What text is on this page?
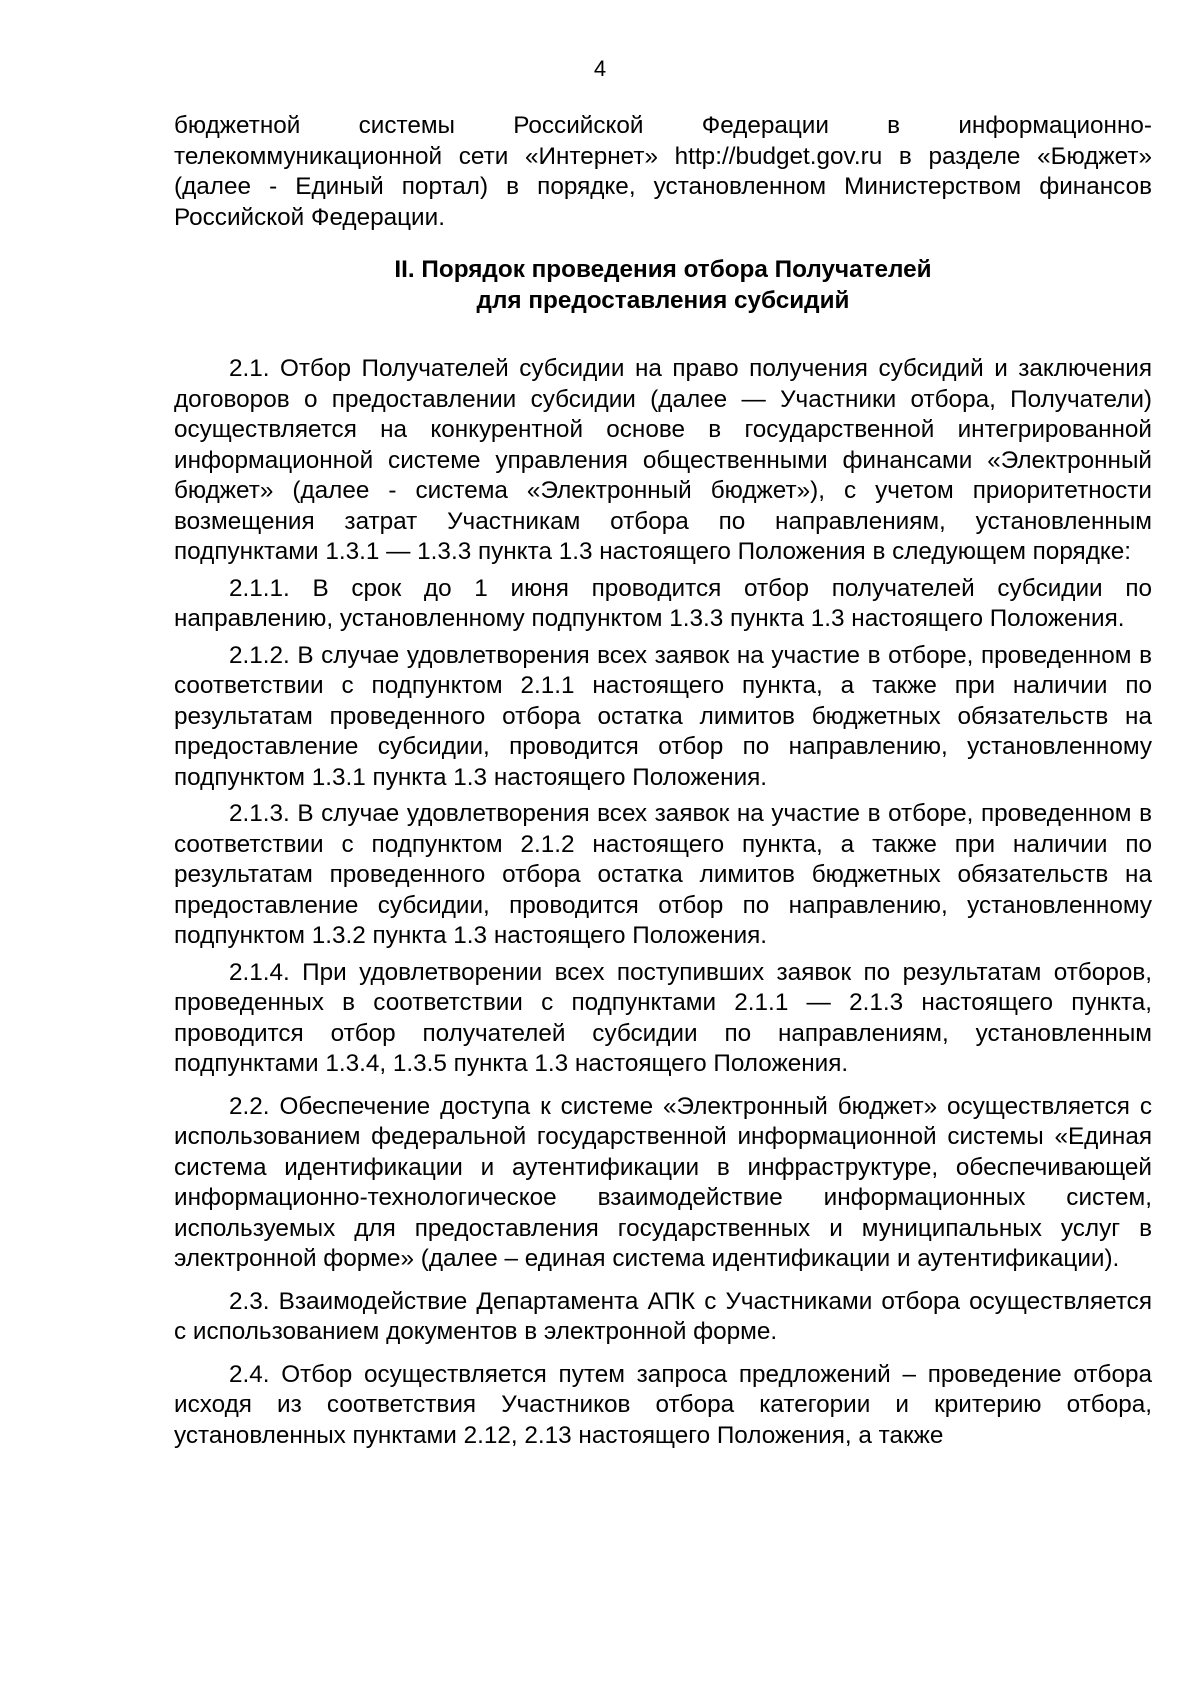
4

бюджетной системы Российской Федерации в информационно-телекоммуникационной сети «Интернет» http://budget.gov.ru в разделе «Бюджет» (далее - Единый портал) в порядке, установленном Министерством финансов Российской Федерации.

II. Порядок проведения отбора Получателей
для предоставления субсидий

2.1. Отбор Получателей субсидии на право получения субсидий и заключения договоров о предоставлении субсидии (далее — Участники отбора, Получатели) осуществляется на конкурентной основе в государственной интегрированной информационной системе управления общественными финансами «Электронный бюджет» (далее - система «Электронный бюджет»), с учетом приоритетности возмещения затрат Участникам отбора по направлениям, установленным подпунктами 1.3.1 — 1.3.3 пункта 1.3 настоящего Положения в следующем порядке:

2.1.1. В срок до 1 июня проводится отбор получателей субсидии по направлению, установленному подпунктом 1.3.3 пункта 1.3 настоящего Положения.

2.1.2. В случае удовлетворения всех заявок на участие в отборе, проведенном в соответствии с подпунктом 2.1.1 настоящего пункта, а также при наличии по результатам проведенного отбора остатка лимитов бюджетных обязательств на предоставление субсидии, проводится отбор по направлению, установленному подпунктом 1.3.1 пункта 1.3 настоящего Положения.

2.1.3. В случае удовлетворения всех заявок на участие в отборе, проведенном в соответствии с подпунктом 2.1.2 настоящего пункта, а также при наличии по результатам проведенного отбора остатка лимитов бюджетных обязательств на предоставление субсидии, проводится отбор по направлению, установленному подпунктом 1.3.2 пункта 1.3 настоящего Положения.

2.1.4. При удовлетворении всех поступивших заявок по результатам отборов, проведенных в соответствии с подпунктами 2.1.1 — 2.1.3 настоящего пункта, проводится отбор получателей субсидии по направлениям, установленным подпунктами 1.3.4, 1.3.5 пункта 1.3 настоящего Положения.

2.2. Обеспечение доступа к системе «Электронный бюджет» осуществляется с использованием федеральной государственной информационной системы «Единая система идентификации и аутентификации в инфраструктуре, обеспечивающей информационно-технологическое взаимодействие информационных систем, используемых для предоставления государственных и муниципальных услуг в электронной форме» (далее – единая система идентификации и аутентификации).

2.3. Взаимодействие Департамента АПК с Участниками отбора осуществляется с использованием документов в электронной форме.

2.4. Отбор осуществляется путем запроса предложений – проведение отбора исходя из соответствия Участников отбора категории и критерию отбора, установленных пунктами 2.12, 2.13 настоящего Положения, а также
